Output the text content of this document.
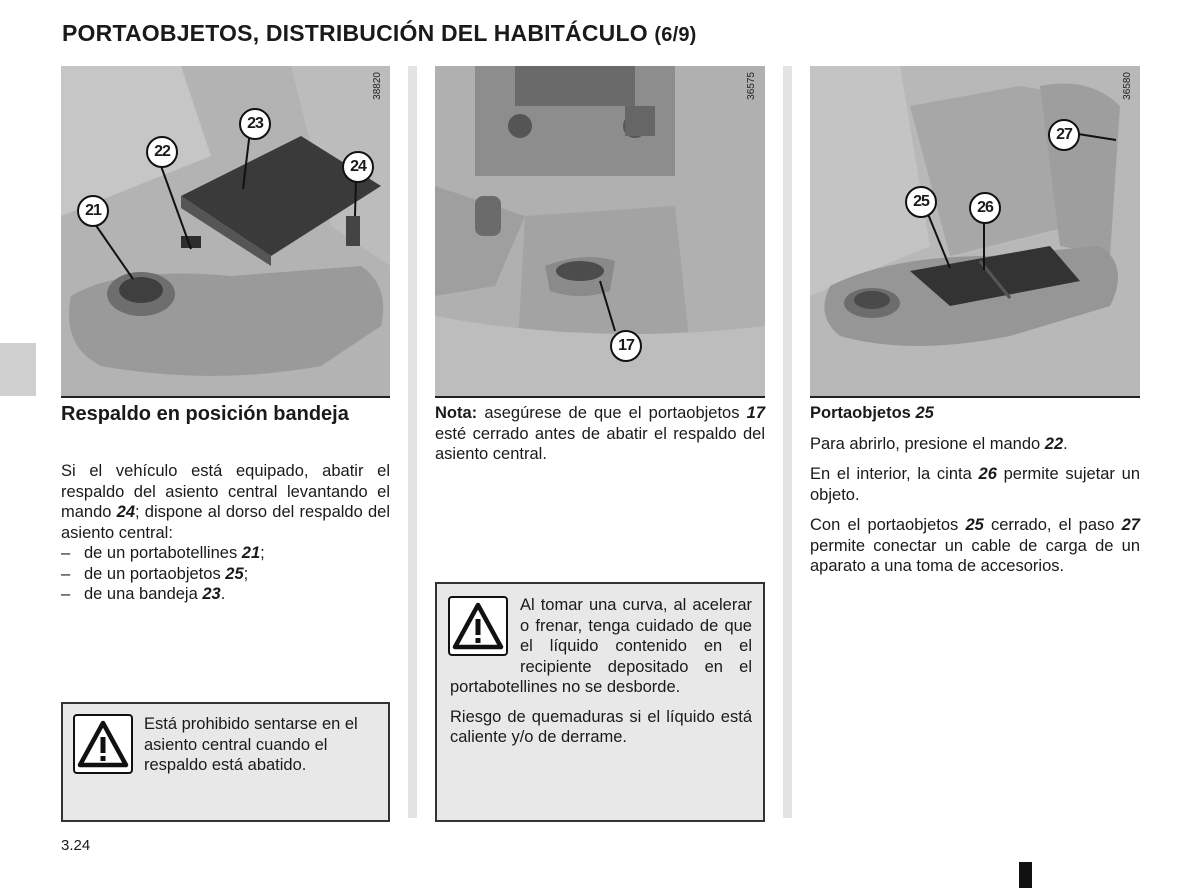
PORTAOBJETOS, DISTRIBUCIÓN DEL HABITÁCULO (6/9)
38820
23
22
24
21
36575
17
36580
27
25	26
Respaldo en posición bandeja

Si el vehículo está equipado, abatir el respaldo del asiento central levantando el mando 24; dispone al dorso del respaldo del asiento central:

– de un portabotellines 21;
– de un portaobjetos 25;
– de una bandeja 23.
Está prohibido sentarse en el asiento central cuando el respaldo está abatido.

Nota: asegúrese de que el portaobjetos 17 esté cerrado antes de abatir el respaldo del asiento central.

Al tomar una curva, al acelerar o frenar, tenga cuidado de que el líquido contenido en el recipiente depositado en el portabotellines no se desborde.

Riesgo de quemaduras si el líquido está caliente y/o de derrame.

Portaobjetos 25

Para abrirlo, presione el mando 22.

En el interior, la cinta 26 permite sujetar un objeto.

Con el portaobjetos 25 cerrado, el paso 27 permite conectar un cable de carga de un aparato a una toma de accesorios.

3.24
